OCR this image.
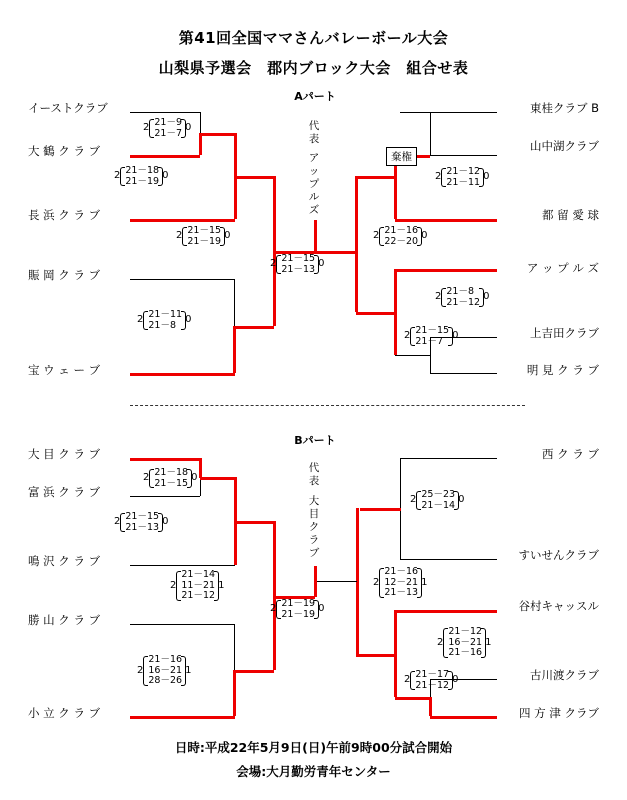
第41回全国ママさんバレーボール大会
山梨県予選会　郡内ブロック大会　組合せ表
Aパート
代表
アップルズ
イーストクラブ
大 鶴 ク ラ ブ
長 浜 ク ラ ブ
賑 岡 ク ラ ブ
宝 ウ ェ ー ブ
東桂クラブ B
山中湖クラブ
都 留 愛 球
ア ッ プ ル ズ
上吉田クラブ
明 見 ク ラ ブ
棄権
2 21－9
21－7 0
2 21－18
21－19 0
2 21－15
21－19 0
2 21－11
21－8 0
2 21－12
21－11 0
2 21－16
22－20 0
2 21－8
21－12 0
2 21－15
21－7 0
2 21－15
21－13 0
Bパート
代表
大目クラブ
大 目 ク ラ ブ
富 浜 ク ラ ブ
鳴 沢 ク ラ ブ
勝 山 ク ラ ブ
小 立 ク ラ ブ
西 ク ラ ブ
すいせんクラブ
谷村キャッスル
古川渡クラブ
四 方 津 クラブ
2 21－18
21－15 0
2 21－15
21－13 0
2
21－14
11－21
21－12
1
2
21－16
16－21
28－26
1
2 25－23
21－14 0
2
21－16
12－21
21－13
1
2
21－12
16－21
21－16
1
2 21－17
21－12 0
2 21－19
21－19 0
日時:平成22年5月9日(日)午前9時00分試合開始
会場:大月勤労青年センター
